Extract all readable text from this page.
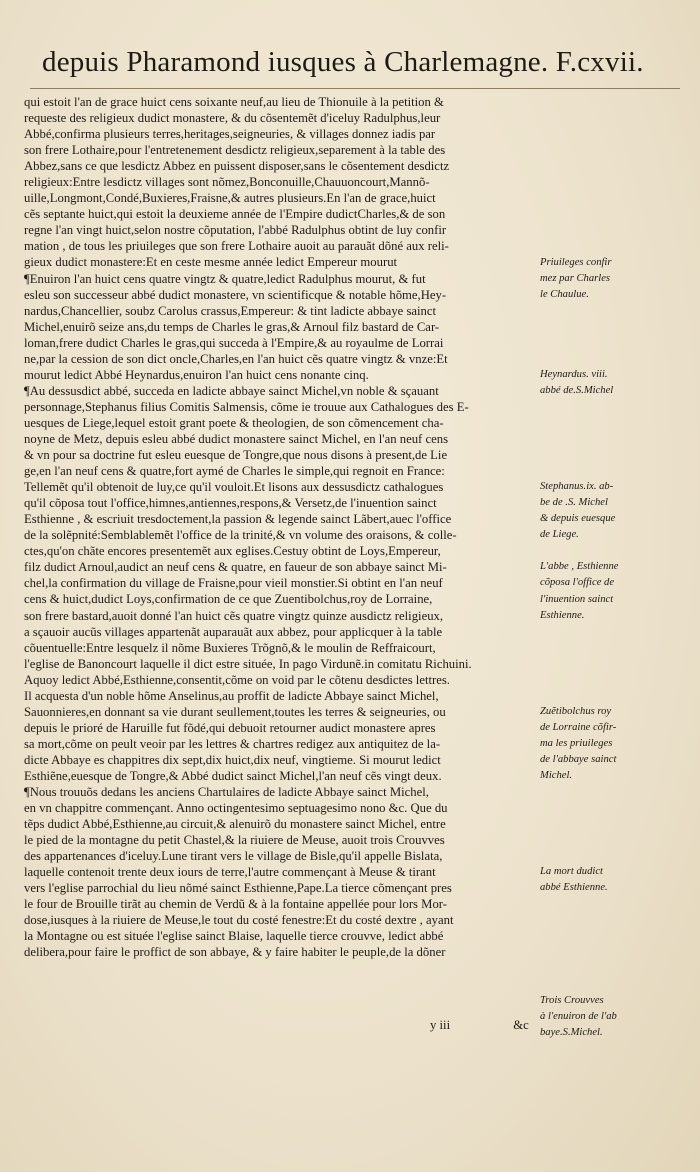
depuis Pharamond iusques à Charlemagne. F.cxvii.
qui estoit l'an de grace huict cens soixante neuf,au lieu de Thionuile à la petition &
requeste des religieux dudict monastere, & du cõsentemẽt d'iceluy Radulphus,leur
Abbé,confirma plusieurs terres,heritages,seigneuries, & villages donnez iadis par
son frere Lothaire,pour l'entretenement desdictz religieux,separement à la table des
Abbez,sans ce que lesdictz Abbez en puissent disposer,sans le cõsentement desdictz
religieux:Entre lesdictz villages sont nõmez,Bonconuille,Chauuoncourt,Mannõ-
uille,Longmont,Condé,Buxieres,Fraisne,& autres plusieurs.En l'an de grace,huict
cẽs septante huict,qui estoit la deuxieme année de l'Empire dudictCharles,& de son
regne l'an vingt huict,selon nostre cõputation, l'abbé Radulphus obtint de luy confir
mation , de tous les priuileges que son frere Lothaire auoit au parauãt dõné aux reli-
gieux dudict monastere:Et en ceste mesme année ledict Empereur mourut
¶Enuiron l'an huict cens quatre vingtz & quatre,ledict Radulphus mourut, & fut
esleu son successeur abbé dudict monastere, vn scientificque & notable hõme,Hey-
nardus,Chancellier, soubz Carolus crassus,Empereur: & tint ladicte abbaye sainct
Michel,enuirõ seize ans,du temps de Charles le gras,& Arnoul filz bastard de Car-
loman,frere dudict Charles le gras,qui succeda à l'Empire,& au royaulme de Lorrai
ne,par la cession de son dict oncle,Charles,en l'an huict cẽs quatre vingtz & vnze:Et
mourut ledict Abbé Heynardus,enuiron l'an huict cens nonante cinq.
¶Au dessusdict abbé, succeda en ladicte abbaye sainct Michel,vn noble & sçauant
personnage,Stephanus filius Comitis Salmensis, cõme ie trouue aux Cathalogues des E-
uesques de Liege,lequel estoit grant poete & theologien, de son cõmencement cha-
noyne de Metz, depuis esleu abbé dudict monastere sainct Michel, en l'an neuf cens
& vn pour sa doctrine fut esleu euesque de Tongre,que nous disons à present,de Lie
ge,en l'an neuf cens & quatre,fort aymé de Charles le simple,qui regnoit en France:
Tellemẽt qu'il obtenoit de luy,ce qu'il vouloit.Et lisons aux dessusdictz cathalogues
qu'il cõposa tout l'office,himnes,antiennes,respons,& Versetz,de l'inuention sainct
Esthienne , & escriuit tresdoctement,la passion & legende sainct Lãbert,auec l'office
de la solẽpnité:Semblablemẽt l'office de la trinité,& vn volume des oraisons, & colle-
ctes,qu'on chãte encores presentemẽt aux eglises.Cestuy obtint de Loys,Empereur,
filz dudict Arnoul,audict an neuf cens & quatre, en faueur de son abbaye sainct Mi-
chel,la confirmation du village de Fraisne,pour vieil monstier.Si obtint en l'an neuf
cens & huict,dudict Loys,confirmation de ce que Zuentibolchus,roy de Lorraine,
son frere bastard,auoit donné l'an huict cẽs quatre vingtz quinze ausdictz religieux,
a sçauoir aucũs villages appartenãt auparauãt aux abbez, pour applicquer à la table
cõuentuelle:Entre lesquelz il nõme Buxieres Trõgnõ,& le moulin de Reffraicourt,
l'eglise de Banoncourt laquelle il dict estre située, In pago Virdunẽ.in comitatu Richuini.
Aquoy ledict Abbé,Esthienne,consentit,cõme on void par le cõtenu desdictes lettres.
Il acquesta d'un noble hõme Anselinus,au proffit de ladicte Abbaye sainct Michel,
Sauonnieres,en donnant sa vie durant seullement,toutes les terres & seigneuries, ou
depuis le prioré de Haruille fut fõdé,qui debuoit retourner audict monastere apres
sa mort,cõme on peult veoir par les lettres & chartres redigez aux antiquitez de la-
dicte Abbaye es chappitres dix sept,dix huict,dix neuf, vingtieme. Si mourut ledict
Esthiẽne,euesque de Tongre,& Abbé dudict sainct Michel,l'an neuf cẽs vingt deux.
¶Nous trouuõs dedans les anciens Chartulaires de ladicte Abbaye sainct Michel,
en vn chappitre commençant. Anno octingentesimo septuagesimo nono &c. Que du
tẽps dudict Abbé,Esthienne,au circuit,& alenuirõ du monastere sainct Michel, entre
le pied de la montagne du petit Chastel,& la riuiere de Meuse, auoit trois Crouvves
des appartenances d'iceluy.Lune tirant vers le village de Bisle,qu'il appelle Bislata,
laquelle contenoit trente deux iours de terre,l'autre commençant à Meuse & tirant
vers l'eglise parrochial du lieu nõmé sainct Esthienne,Pape.La tierce cõmençant pres
le four de Brouille tirãt au chemin de Verdũ & à la fontaine appellée pour lors Mor-
dose,iusques à la riuiere de Meuse,le tout du costé fenestre:Et du costé dextre , ayant
la Montagne ou est située l'eglise sainct Blaise, laquelle tierce crouvve, ledict abbé
delibera,pour faire le proffict de son abbaye, & y faire habiter le peuple,de la dõner
Priuileges confir
mez par Charles
le Chaulue.
Heynardus. viii.
abbé de.S.Michel
Stephanus.ix. ab-
be de .S. Michel
& depuis euesque
de Liege.
L'abbe , Esthienne
cõposa l'office de
l'inuention sainct
Esthienne.
Zuẽtibolchus roy
de Lorraine cõfir-
ma les priuileges
de l'abbaye sainct
Michel.
La mort dudict
abbé Esthienne.
Trois Crouvves
à l'enuiron de l'ab
baye.S.Michel.
y iii	&c
